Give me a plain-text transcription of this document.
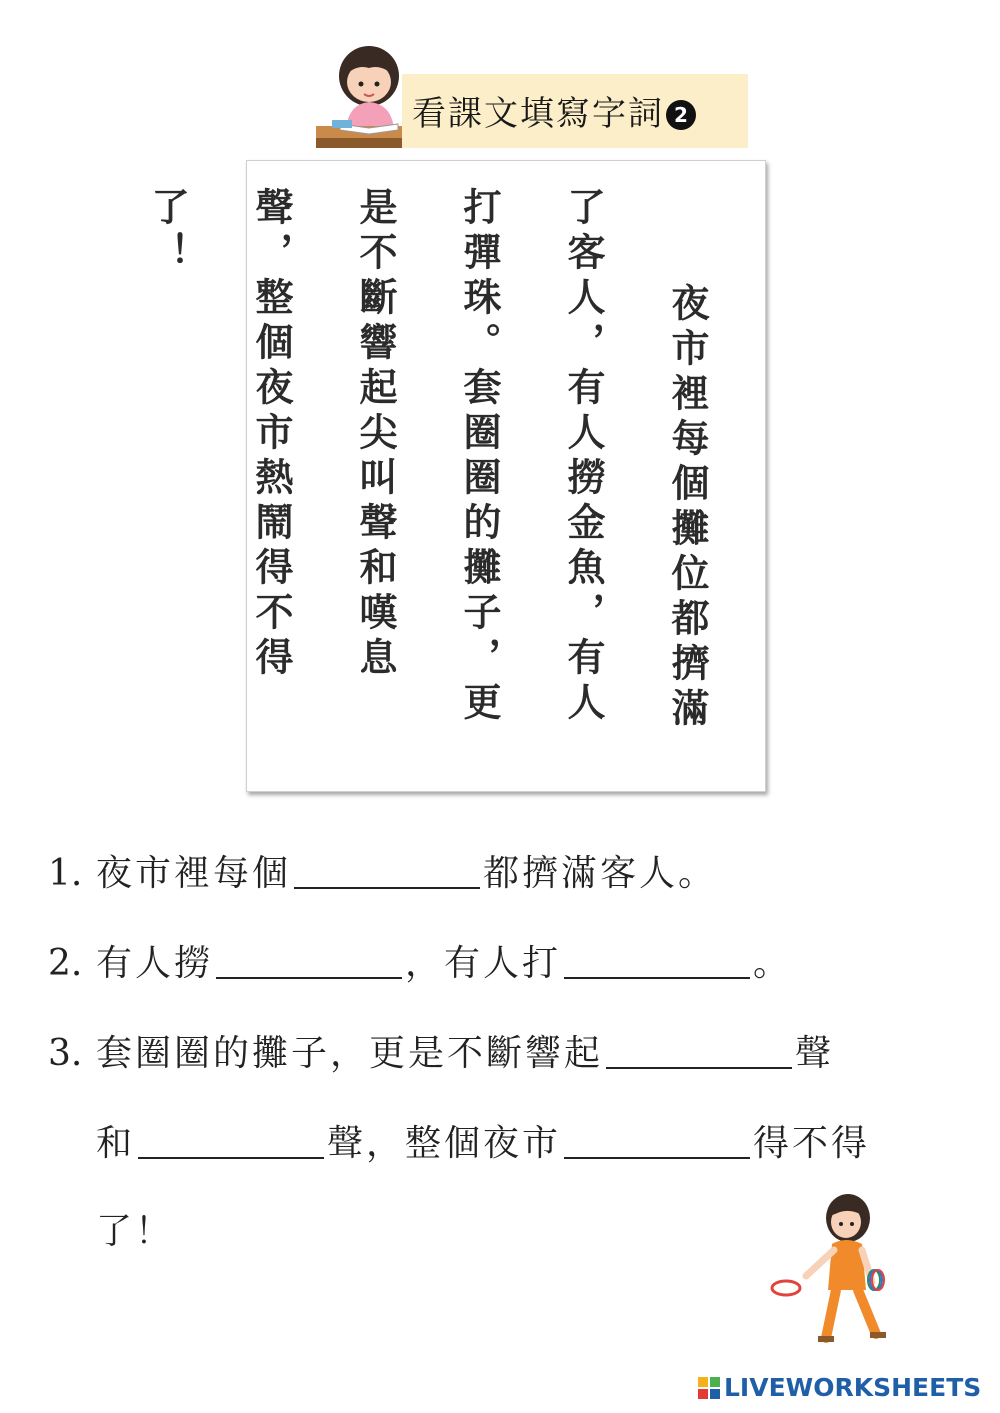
看課文填寫字詞 2
夜市裡每個攤位都擠滿了客人，有人撈金魚，有人打彈珠。套圈圈的攤子，更是不斷響起尖叫聲和嘆息聲，整個夜市熱鬧得不得了！
1. 夜市裡每個	都擠滿客人。
2. 有人撈	，有人打	。
3. 套圈圈的攤子，更是不斷響起	聲
和	聲，整個夜市	得不得
了！
LIVEWORKSHEETS
